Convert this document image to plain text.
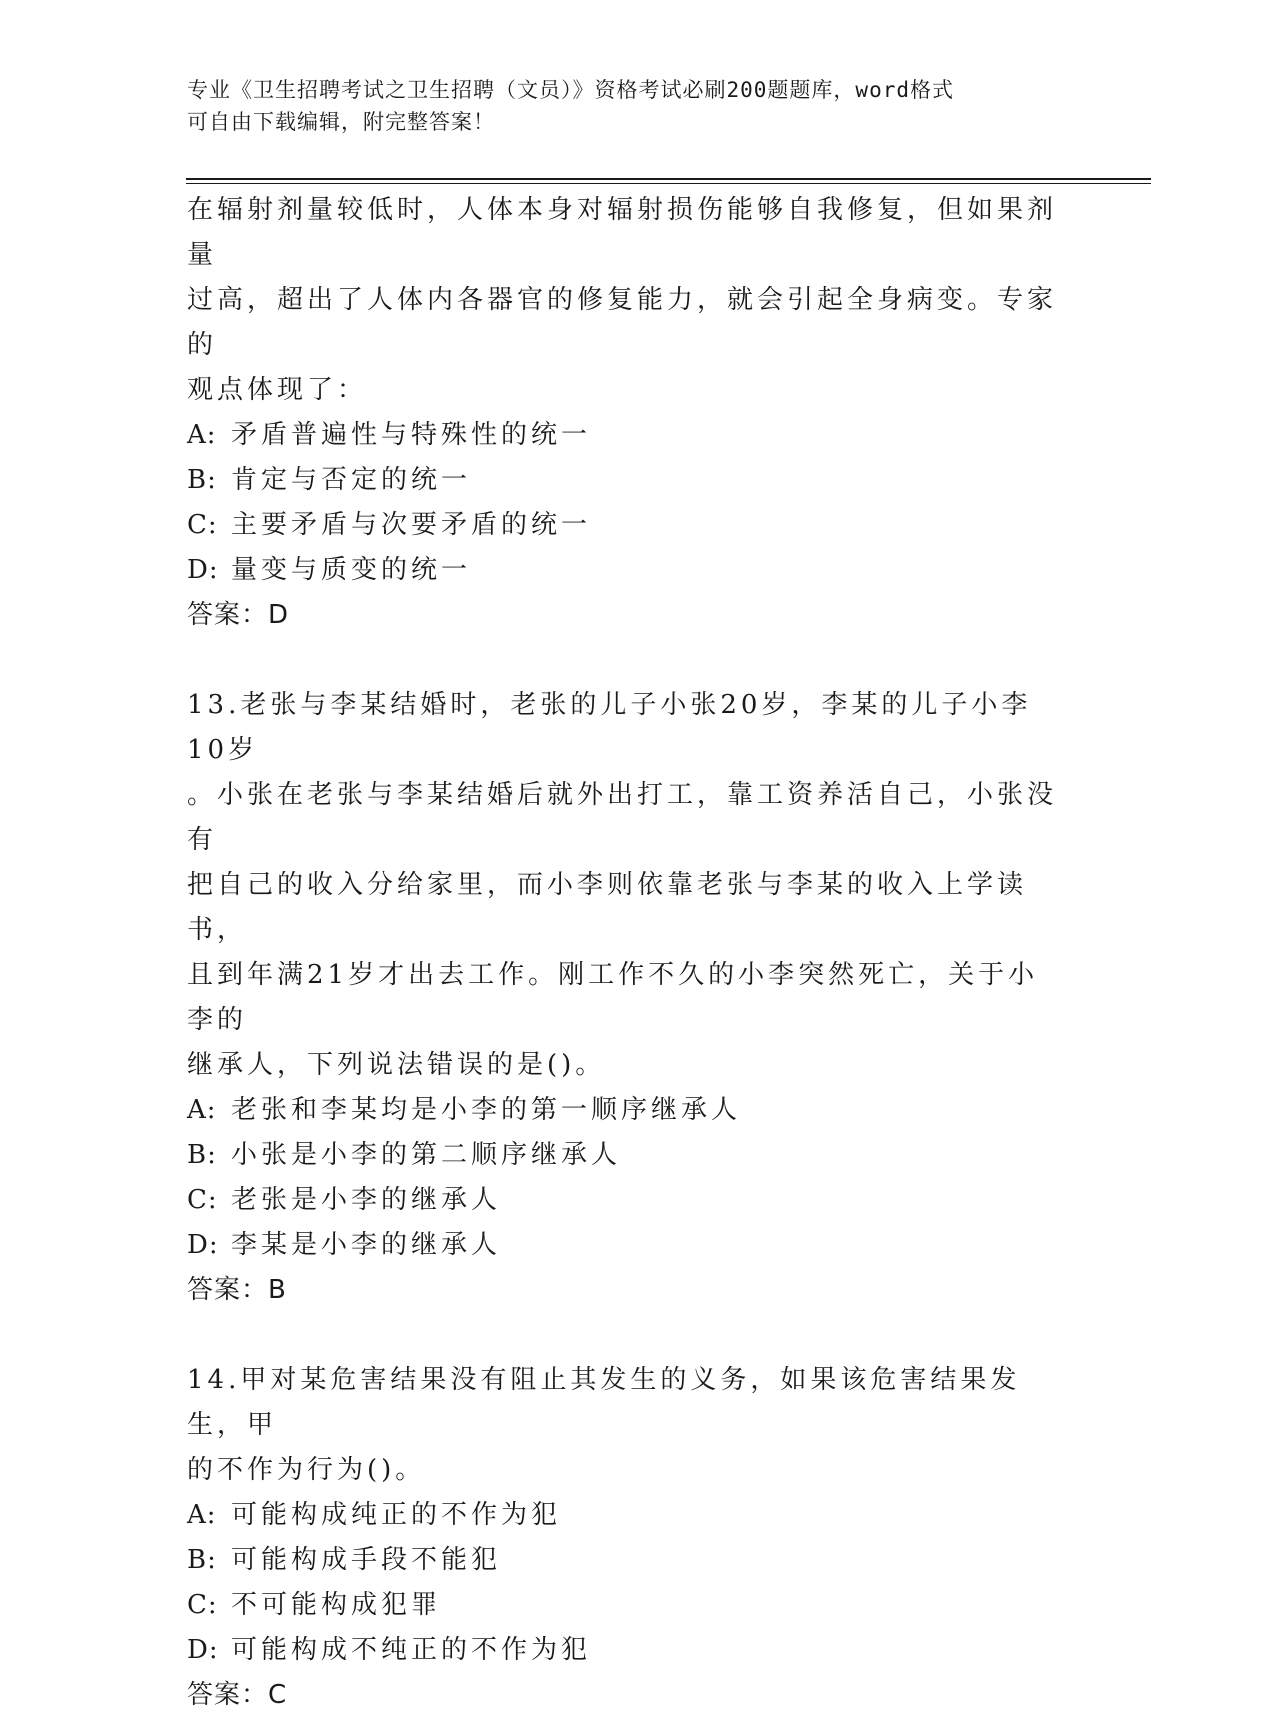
专业《卫生招聘考试之卫生招聘（文员）》资格考试必刷200题题库，word格式
可自由下载编辑，附完整答案！

在辐射剂量较低时，人体本身对辐射损伤能够自我修复，但如果剂量

过高，超出了人体内各器官的修复能力，就会引起全身病变。专家的

观点体现了：

A: 矛盾普遍性与特殊性的统一

B: 肯定与否定的统一

C: 主要矛盾与次要矛盾的统一

D: 量变与质变的统一

答案：D

13.老张与李某结婚时，老张的儿子小张20岁，李某的儿子小李10岁

。小张在老张与李某结婚后就外出打工，靠工资养活自己，小张没有

把自己的收入分给家里，而小李则依靠老张与李某的收入上学读书，

且到年满21岁才出去工作。刚工作不久的小李突然死亡，关于小李的

继承人，下列说法错误的是()。

A: 老张和李某均是小李的第一顺序继承人

B: 小张是小李的第二顺序继承人

C: 老张是小李的继承人

D: 李某是小李的继承人

答案：B

14.甲对某危害结果没有阻止其发生的义务，如果该危害结果发生，甲

的不作为行为()。

A: 可能构成纯正的不作为犯

B: 可能构成手段不能犯

C: 不可能构成犯罪

D: 可能构成不纯正的不作为犯

答案：C
